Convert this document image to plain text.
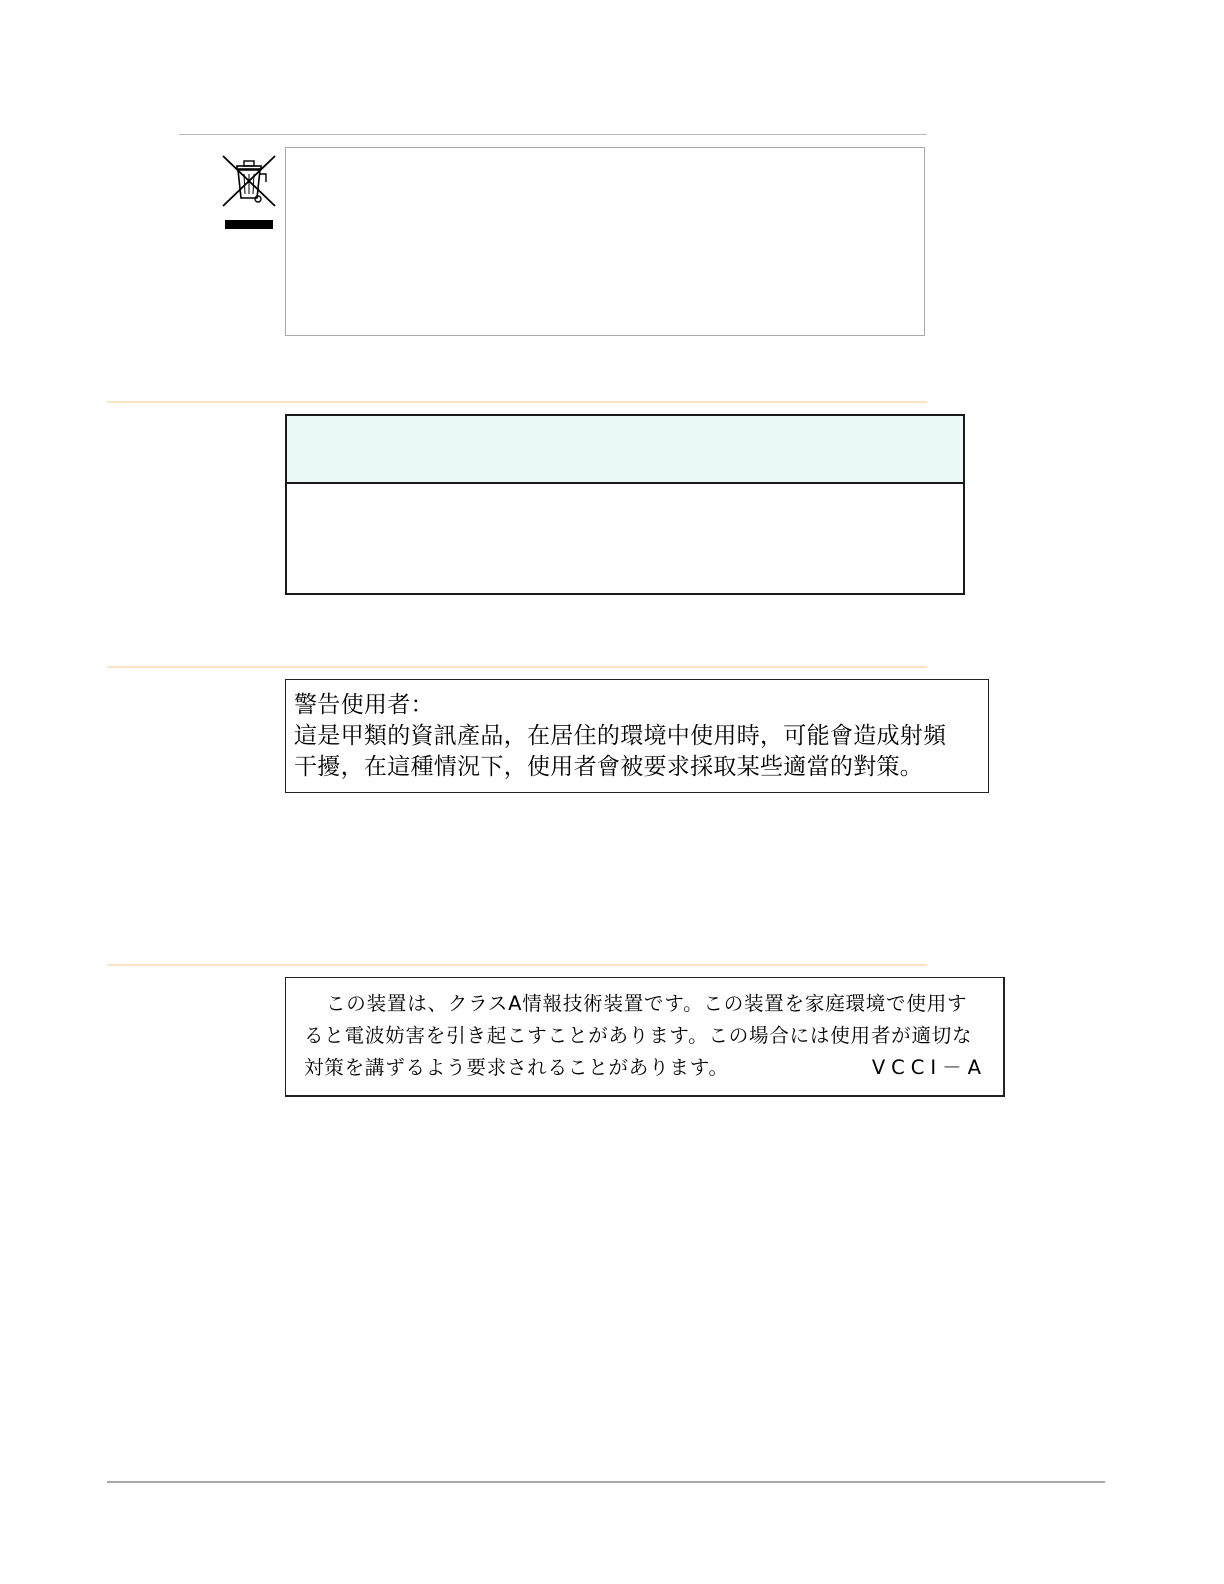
警告使用者：
這是甲類的資訊產品，在居住的環境中使用時，可能會造成射頻
干擾，在這種情況下，使用者會被要求採取某些適當的對策。
この装置は、クラスA情報技術装置です。この装置を家庭環境で使用す
ると電波妨害を引き起こすことがあります。この場合には使用者が適切な
対策を講ずるよう要求されることがあります。	VCCI－A
